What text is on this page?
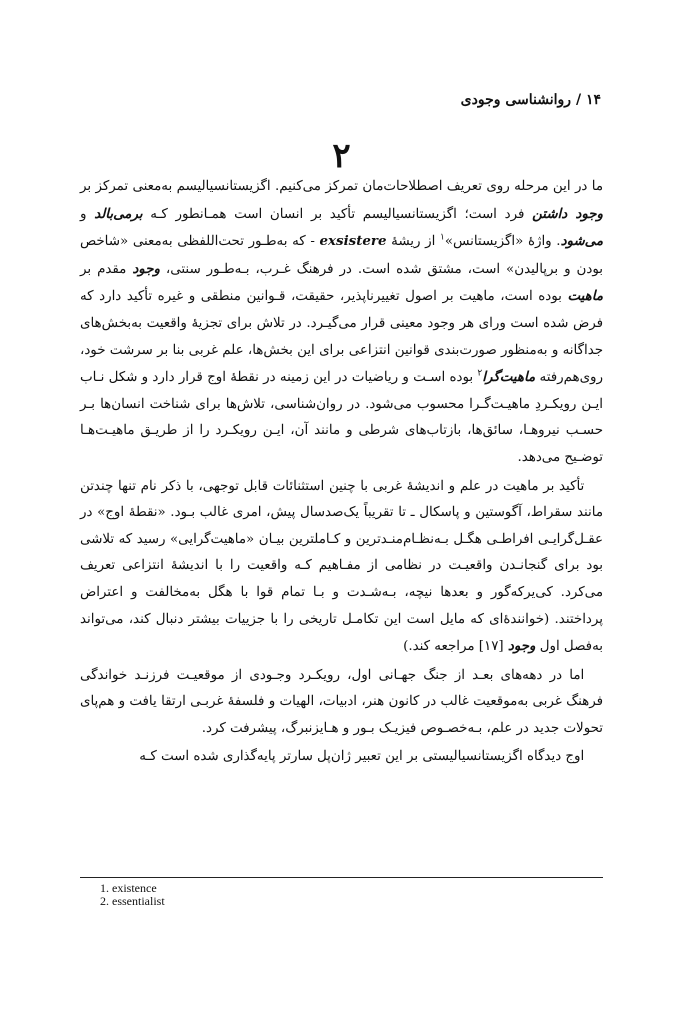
۱۴ / روانشناسی وجودی
۲

ما در این مرحله روی تعریف اصطلاحات‌مان تمرکز می‌کنیم. اگزیستانسیالیسم به‌معنی تمرکز بر وجود داشتن فرد است؛ اگزیستانسیالیسم تأکید بر انسان است همـانطور کـه برمی‌بالد و می‌شود. واژهٔ «اگزیستانس»$^۱$ از ریشهٔ exsistere - که به‌طـور تحت‌اللفظی به‌معنی «شاخص بودن و برپالیدن» است، مشتق شده است. در فرهنگ غـرب، بـه‌طـور سنتی، وجود مقدم بر ماهیت بوده است، ماهیت بر اصول تغییرناپذیر، حقیقت، قـوانین منطقی و غیره تأکید دارد که فرض شده است ورای هر وجود معینی قرار می‌گیـرد. در تلاش برای تجزیهٔ واقعیت به‌بخش‌های جداگانه و به‌منظور صورت‌بندی قوانین انتزاعی برای این بخش‌ها، علم غربی بنا بر سرشت خود، روی‌هم‌رفته ماهیت‌گرا$^۲$ بوده اسـت و ریاضیات در این زمینه در نقطهٔ اوج قرار دارد و شکل نـاب ایـن رویکـردِ ماهیـت‌گـرا محسوب می‌شود. در روان‌شناسی، تلاش‌ها برای شناخت انسان‌ها بـر حسـب نیروهـا، سائق‌ها، بازتاب‌های شرطی و مانند آن، ایـن رویکـرد را از طریـق ماهیـت‌هـا توضـیح می‌دهد.

تأکید بر ماهیت در علم و اندیشهٔ غربی با چنین استثنائات قابل توجهی، با ذکر نام تنها چندتن مانند سقراط، آگوستین و پاسکال ـ تا تقریباً یک‌صدسال پیش، امری غالب بـود. «نقطهٔ اوج» در عقـل‌گرایـی افراطـی هگـل بـه‌نظـام‌منـدترین و کـاملترین بیـان «ماهیت‌گرایی» رسید که تلاشی بود برای گنجانـدن واقعیـت در نظامی از مفـاهیم کـه واقعیت را با اندیشهٔ انتزاعی تعریف می‌کرد. کی‌یرکه‌گور و بعدها نیچه، بـه‌شـدت و بـا تمام قوا با هگل به‌مخالفت و اعتراض پرداختند. (خوانندهٔ‌ای که مایل است این تکامـل تاریخی را با جزییات بیشتر دنبال کند، می‌تواند به‌فصل اول وجود [۱۷] مراجعه کند.)

اما در دهه‌های بعـد از جنگ جهـانی اول، رویکـرد وجـودی از موقعیـت فرزنـد خواندگی فرهنگ غربی به‌موقعیت غالب در کانون هنر، ادبیات، الهیات و فلسفهٔ غربـی ارتقا یافت و هم‌پای تحولات جدید در علم، بـه‌خصـوص فیزیـک بـور و هـایزنبرگ، پیشرفت کرد.

اوج دیدگاه اگزیستانسیالیستی بر این تعبیر ژان‌پل سارتر پایه‌گذاری شده است کـه

1. existence
2. essentialist
